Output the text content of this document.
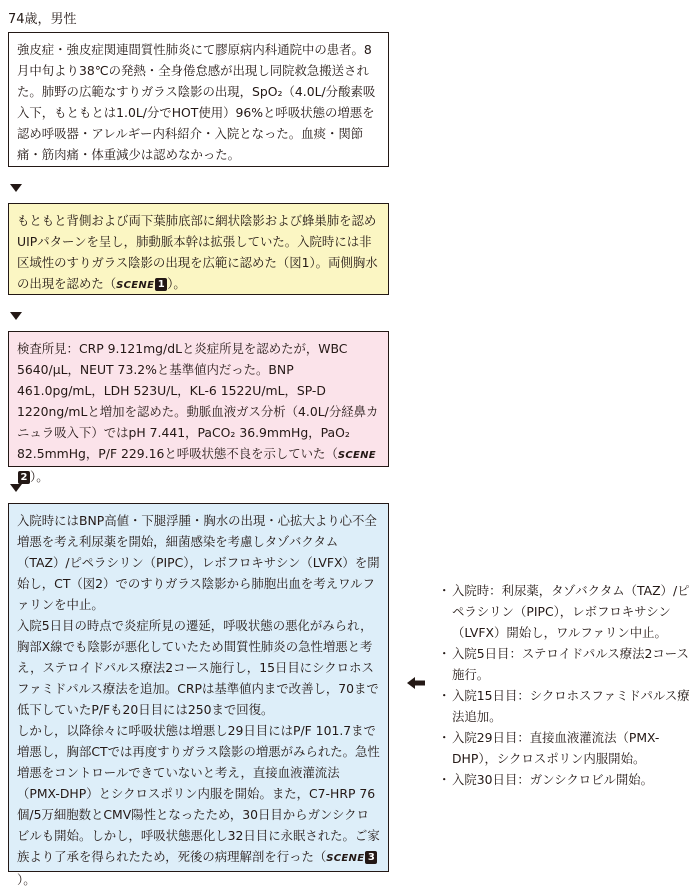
74歳，男性

強皮症・強皮症関連間質性肺炎にて膠原病内科通院中の患者。8月中旬より38℃の発熱・全身倦怠感が出現し同院救急搬送された。肺野の広範なすりガラス陰影の出現，SpO₂（4.0L/分酸素吸入下，もともとは1.0L/分でHOT使用）96%と呼吸状態の増悪を認め呼吸器・アレルギー内科紹介・入院となった。血痰・関節痛・筋肉痛・体重減少は認めなかった。

もともと背側および両下葉肺底部に網状陰影および蜂巣肺を認めUIPパターンを呈し，肺動脈本幹は拡張していた。入院時には非区域性のすりガラス陰影の出現を広範に認めた（図1）。両側胸水の出現を認めた（SCENE 1 ）。

検査所見：CRP 9.121mg/dLと炎症所見を認めたが，WBC 5640/μL，NEUT 73.2%と基準値内だった。BNP 461.0pg/mL，LDH 523U/L，KL-6 1522U/mL，SP-D 1220ng/mLと増加を認めた。動脈血液ガス分析（4.0L/分経鼻カニュラ吸入下）ではpH 7.441，PaCO₂ 36.9mmHg，PaO₂ 82.5mmHg，P/F 229.16と呼吸状態不良を示していた（SCENE2 ）。

入院時にはBNP高値・下腿浮腫・胸水の出現・心拡大より心不全増悪を考え利尿薬を開始，細菌感染を考慮しタゾバクタム（TAZ）/ピペラシリン（PIPC），レボフロキサシン（LVFX）を開始し，CT（図2）でのすりガラス陰影から肺胞出血を考えワルファリンを中止。

入院5日目の時点で炎症所見の遷延，呼吸状態の悪化がみられ，胸部X線でも陰影が悪化していたため間質性肺炎の急性増悪と考え，ステロイドパルス療法2コース施行し，15日目にシクロホスファミドパルス療法を追加。CRPは基準値内まで改善し，70まで低下していたP/Fも20日目には250まで回復。

しかし，以降徐々に呼吸状態は増悪し29日目にはP/F 101.7まで増悪し，胸部CTでは再度すりガラス陰影の増悪がみられた。急性増悪をコントロールできていないと考え，直接血液灌流法（PMX-DHP）とシクロスポリン内服を開始。また，C7-HRP 76個/5万細胞数とCMV陽性となったため，30日目からガンシクロビルも開始。しかし，呼吸状態悪化し32日目に永眠された。ご家族より了承を得られたため，死後の病理解剖を行った（SCENE 3）。

・ 入院時：利尿薬，タゾバクタム（TAZ）/ピペラシリン（PIPC），レボフロキサシン（LVFX）開始し，ワルファリン中止。
・ 入院5日目：ステロイドパルス療法2コース施行。
・ 入院15日目：シクロホスファミドパルス療法追加。
・ 入院29日目：直接血液灌流法（PMX-DHP），シクロスポリン内服開始。
・ 入院30日目：ガンシクロビル開始。
